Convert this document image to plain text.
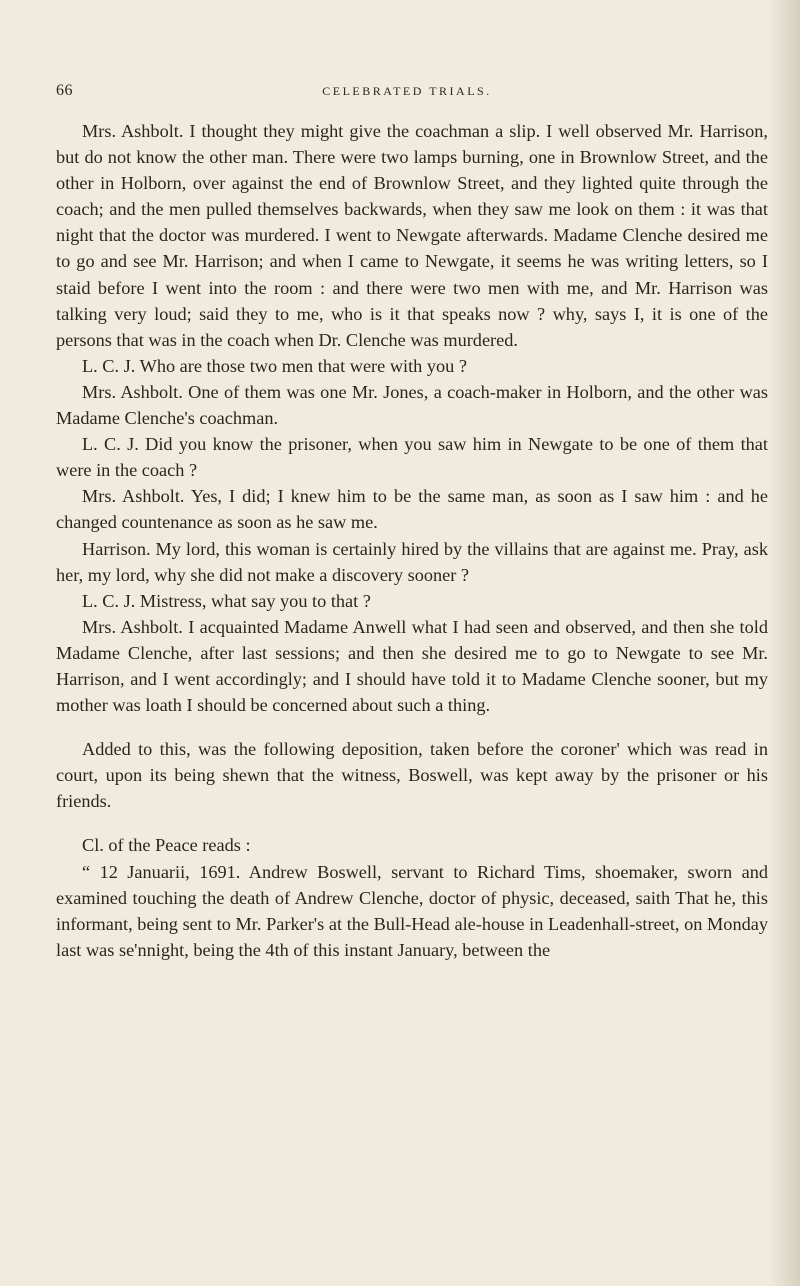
66	CELEBRATED TRIALS.

Mrs. Ashbolt. I thought they might give the coachman a slip. I well observed Mr. Harrison, but do not know the other man. There were two lamps burning, one in Brownlow Street, and the other in Holborn, over against the end of Brownlow Street, and they lighted quite through the coach; and the men pulled themselves backwards, when they saw me look on them : it was that night that the doctor was murdered. I went to Newgate afterwards. Madame Clenche desired me to go and see Mr. Harrison; and when I came to Newgate, it seems he was writing letters, so I staid before I went into the room : and there were two men with me, and Mr. Harrison was talking very loud; said they to me, who is it that speaks now ? why, says I, it is one of the persons that was in the coach when Dr. Clenche was murdered.

L. C. J. Who are those two men that were with you ?

Mrs. Ashbolt. One of them was one Mr. Jones, a coach-maker in Holborn, and the other was Madame Clenche's coachman.

L. C. J. Did you know the prisoner, when you saw him in Newgate to be one of them that were in the coach ?

Mrs. Ashbolt. Yes, I did; I knew him to be the same man, as soon as I saw him : and he changed countenance as soon as he saw me.

Harrison. My lord, this woman is certainly hired by the villains that are against me. Pray, ask her, my lord, why she did not make a discovery sooner ?

L. C. J. Mistress, what say you to that ?

Mrs. Ashbolt. I acquainted Madame Anwell what I had seen and observed, and then she told Madame Clenche, after last sessions; and then she desired me to go to Newgate to see Mr. Harrison, and I went accordingly; and I should have told it to Madame Clenche sooner, but my mother was loath I should be concerned about such a thing.

Added to this, was the following deposition, taken before the coroner' which was read in court, upon its being shewn that the witness, Boswell, was kept away by the prisoner or his friends.

Cl. of the Peace reads :

“ 12 Januarii, 1691. Andrew Boswell, servant to Richard Tims, shoemaker, sworn and examined touching the death of Andrew Clenche, doctor of physic, deceased, saith That he, this informant, being sent to Mr. Parker's at the Bull-Head ale-house in Leadenhall-street, on Monday last was se'nnight, being the 4th of this instant January, between the
